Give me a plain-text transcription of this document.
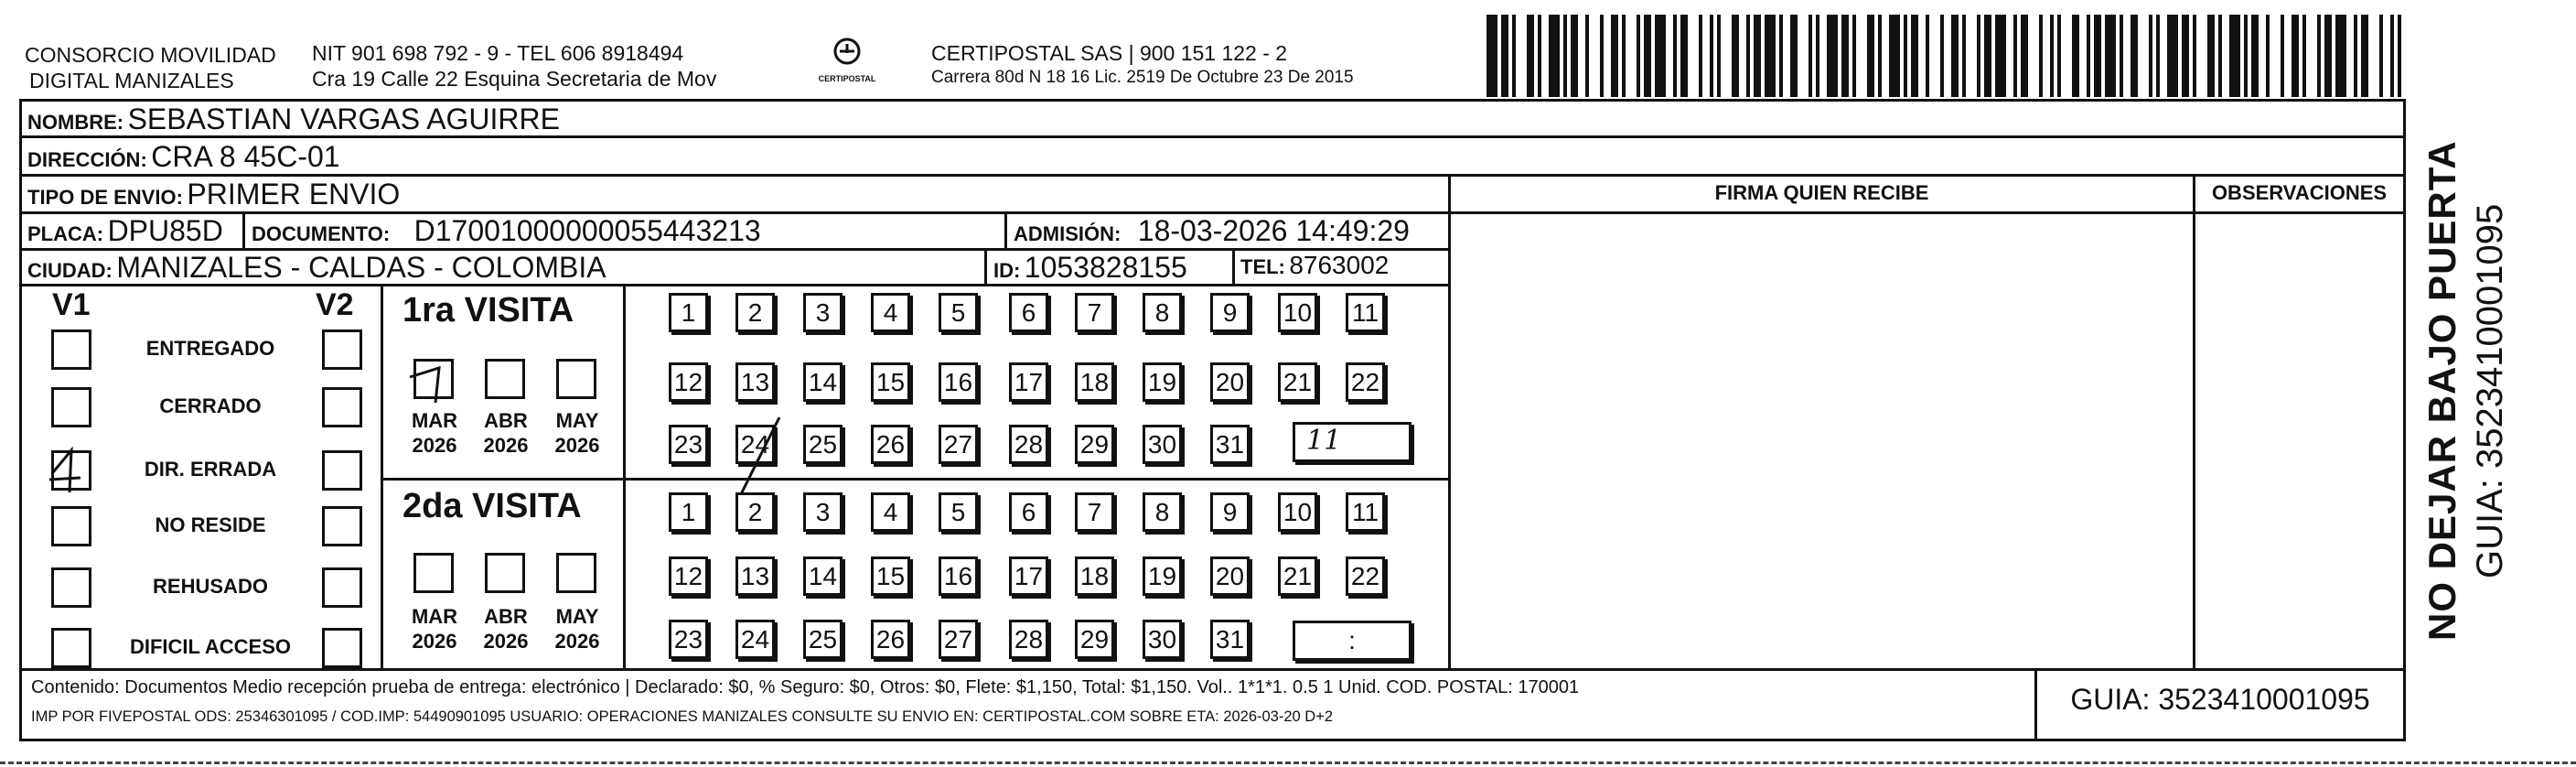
CONSORCIO MOVILIDAD
DIGITAL MANIZALES
NIT 901 698 792 - 9 - TEL 606 8918494
Cra 19 Calle 22 Esquina Secretaria de Mov	CERTIPOSTAL
CERTIPOSTAL SAS | 900 151 122 - 2
Carrera 80d N 18 16 Lic. 2519 De Octubre 23 De 2015
NOMBRE: SEBASTIAN VARGAS AGUIRRE
DIRECCIÓN: CRA 8 45C-01
TIPO DE ENVIO: PRIMER ENVIO
PLACA: DPU85D DOCUMENTO: D17001000000055443213	ADMISIÓN: 18-03-2026 14:49:29
CIUDAD: MANIZALES - CALDAS - COLOMBIA	ID: 1053828155	TEL: 8763002
FIRMA QUIEN RECIBE	OBSERVACIONES
V1	V2
ENTREGADO
CERRADO
DIR. ERRADA
NO RESIDE
REHUSADO
DIFICIL ACCESO
1ra VISITA
2da VISITA
MAR
2026
ABR
2026
MAY
2026
MAR
2026
ABR
2026
MAY
2026
1	2	3	4	5	6	7	8	9	10 11
12 13 14 15 16 17 18 19 20 21 22
23 24 25 26 27 28 29 30 31
1	2	3	4	5	6	7	8	9	10 11
12 13 14 15 16 17 18 19 20 21 22
23 24 25 26 27 28 29 30 31	:
11
Contenido: Documentos Medio recepción prueba de entrega: electrónico | Declarado: $0, % Seguro: $0, Otros: $0, Flete: $1,150, Total: $1,150. Vol.. 1*1*1. 0.5 1 Unid. COD. POSTAL: 170001
IMP POR FIVEPOSTAL ODS: 25346301095 / COD.IMP: 54490901095 USUARIO: OPERACIONES MANIZALES CONSULTE SU ENVIO EN: CERTIPOSTAL.COM SOBRE ETA: 2026-03-20 D+2
GUIA: 3523410001095
NO DEJAR BAJO PUERTA GUIA: 3523410001095
